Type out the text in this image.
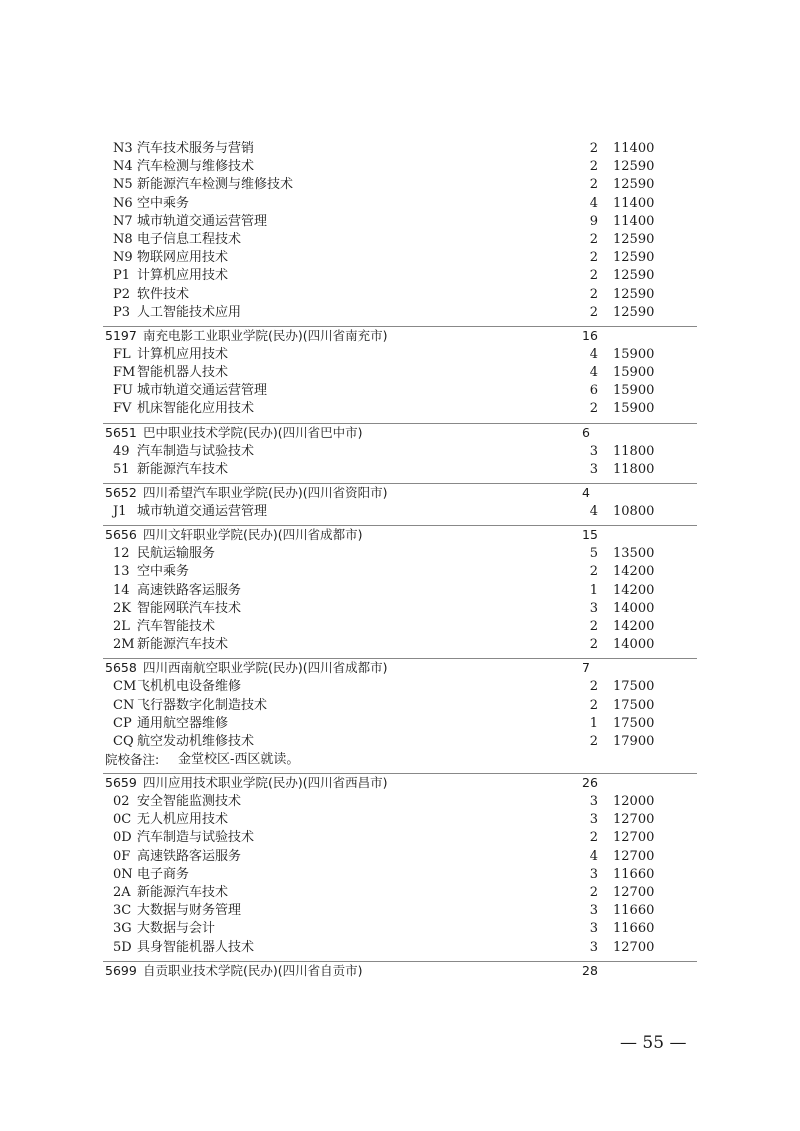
N3 汽车技术服务与营销	2 11400
N4 汽车检测与维修技术	2 12590
N5 新能源汽车检测与维修技术	2 12590
N6 空中乘务	4 11400
N7 城市轨道交通运营管理	9 11400
N8 电子信息工程技术	2 12590
N9 物联网应用技术	2 12590
P1 计算机应用技术	2 12590
P2 软件技术	2 12590
P3 人工智能技术应用	2 12590
5197 南充电影工业职业学院(民办)(四川省南充市)	16
FL 计算机应用技术	4 15900
FM 智能机器人技术	4 15900
FU 城市轨道交通运营管理	6 15900
FV 机床智能化应用技术	2 15900
5651 巴中职业技术学院(民办)(四川省巴中市)	6
49 汽车制造与试验技术	3 11800
51 新能源汽车技术	3 11800
5652 四川希望汽车职业学院(民办)(四川省资阳市)	4
J1 城市轨道交通运营管理	4 10800
5656 四川文轩职业学院(民办)(四川省成都市)	15
12 民航运输服务	5 13500
13 空中乘务	2 14200
14 高速铁路客运服务	1 14200
2K 智能网联汽车技术	3 14000
2L 汽车智能技术	2 14200
2M 新能源汽车技术	2 14000
5658 四川西南航空职业学院(民办)(四川省成都市)	7
CM 飞机机电设备维修	2 17500
CN 飞行器数字化制造技术	2 17500
CP 通用航空器维修	1 17500
CQ 航空发动机维修技术	2 17900
院校备注: 金堂校区-西区就读。
5659 四川应用技术职业学院(民办)(四川省西昌市)	26
02 安全智能监测技术	3 12000
0C 无人机应用技术	3 12700
0D 汽车制造与试验技术	2 12700
0F 高速铁路客运服务	4 12700
0N 电子商务	3 11660
2A 新能源汽车技术	2 12700
3C 大数据与财务管理	3 11660
3G 大数据与会计	3 11660
5D 具身智能机器人技术	3 12700
5699 自贡职业技术学院(民办)(四川省自贡市)	28
— 55 —
